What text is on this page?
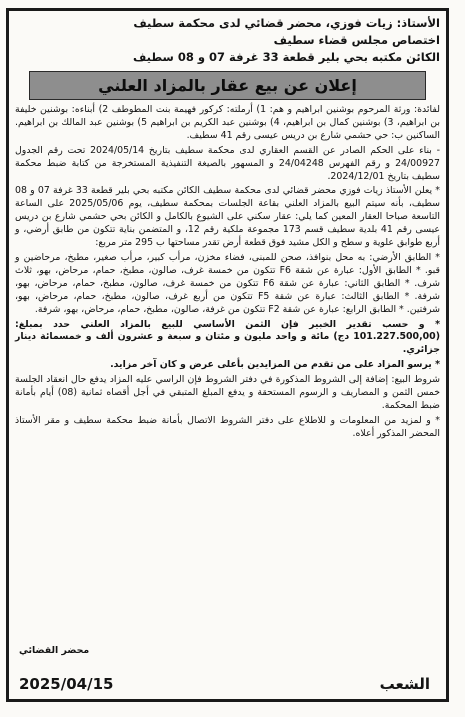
الأستاذ: زيات فوزي، محضر قضائي لدى محكمة سطيف
اختصاص مجلس قضاء سطيف
الكائن مكتبه بحي بلير قطعة 33 غرفة 07 و 08 سطيف
إعلان عن بيع عقار بالمزاد العلني

لفائدة: ورثة المرحوم بوشنين ابراهيم و هم: 1) أرملته: كركور فهيمة بنت المطوطف 2) أبناءه: بوشنين خليفة بن ابراهيم، 3) بوشنين كمال بن ابراهيم، 4) بوشنين عبد الكريم بن ابراهيم 5) بوشنين عبد المالك بن ابراهيم. الساكنين ب: حي حشمي شارع بن دريس عيسى رقم 41 سطيف.

- بناء على الحكم الصادر عن القسم العقاري لدى محكمة سطيف بتاريخ 2024/05/14 تحت رقم الجدول 24/00927 و رقم الفهرس 24/04248 و المسهور بالصيغة التنفيذية المستخرجة من كتابة ضبط محكمة سطيف بتاريخ 2024/12/01.

* يعلن الأستاذ زيات فوزي محضر قضائي لدى محكمة سطيف الكائن مكتبه بحي بلير قطعة 33 غرفة 07 و 08 سطيف، بأنه سيتم البيع بالمزاد العلني بقاعة الجلسات بمحكمة سطيف، يوم 2025/05/06 على الساعة التاسعة صباحا العقار المعين كما يلي: عقار سكني على الشيوع بالكامل و الكائن بحي حشمي شارع بن دريس عيسى رقم 41 بلدية سطيف قسم 173 مجموعة ملكية رقم 12، و المتضمن بناية تتكون من طابق أرضي، و أربع طوابق علوية و سطح و الكل مشيد فوق قطعة أرض تقدر مساحتها ب 295 متر مربع:

* الطابق الأرضي: به محل بنوافذ، صحن للمبنى، فضاء مخزن، مرأب كبير، مرأب صغير، مطبخ، مرحاضين و قبو. * الطابق الأول: عبارة عن شقة F6 تتكون من خمسة غرف، صالون، مطبخ، حمام، مرحاض، بهو، ثلاث شرف. * الطابق الثاني: عبارة عن شقة F6 تتكون من خمسة غرف، صالون، مطبخ، حمام، مرحاض، بهو، شرفة. * الطابق الثالث: عبارة عن شقة F5 تتكون من أربع غرف، صالون، مطبخ، حمام، مرحاض، بهو، شرفتين. * الطابق الرابع: عبارة عن شقة F2 تتكون من غرفة، صالون، مطبخ، حمام، مرحاض، بهو، شرفة.

* و حسب تقدير الخبير فإن الثمن الأساسي للبيع بالمزاد العلني حدد بمبلغ: (101.227.500,00 دج) مائة و واحد مليون و مئتان و سبعة و عشرون ألف و خمسمائة دينار جزائري.

* يرسو المزاد على من تقدم من المزايدين بأعلى عرض و كان آخر مزايد.

شروط البيع: إضافة إلى الشروط المذكورة في دفتر الشروط فإن الراسي عليه المزاد يدفع حال انعقاد الجلسة خمس الثمن و المصاريف و الرسوم المستحقة و يدفع المبلغ المتبقي في أجل أقصاه ثمانية (08) أيام بأمانة ضبط المحكمة.

* و لمزيد من المعلومات و للاطلاع على دفتر الشروط الاتصال بأمانة ضبط محكمة سطيف و مقر الأستاذ المحضر المذكور أعلاه.

محضر القضائي
الشعب
2025/04/15
